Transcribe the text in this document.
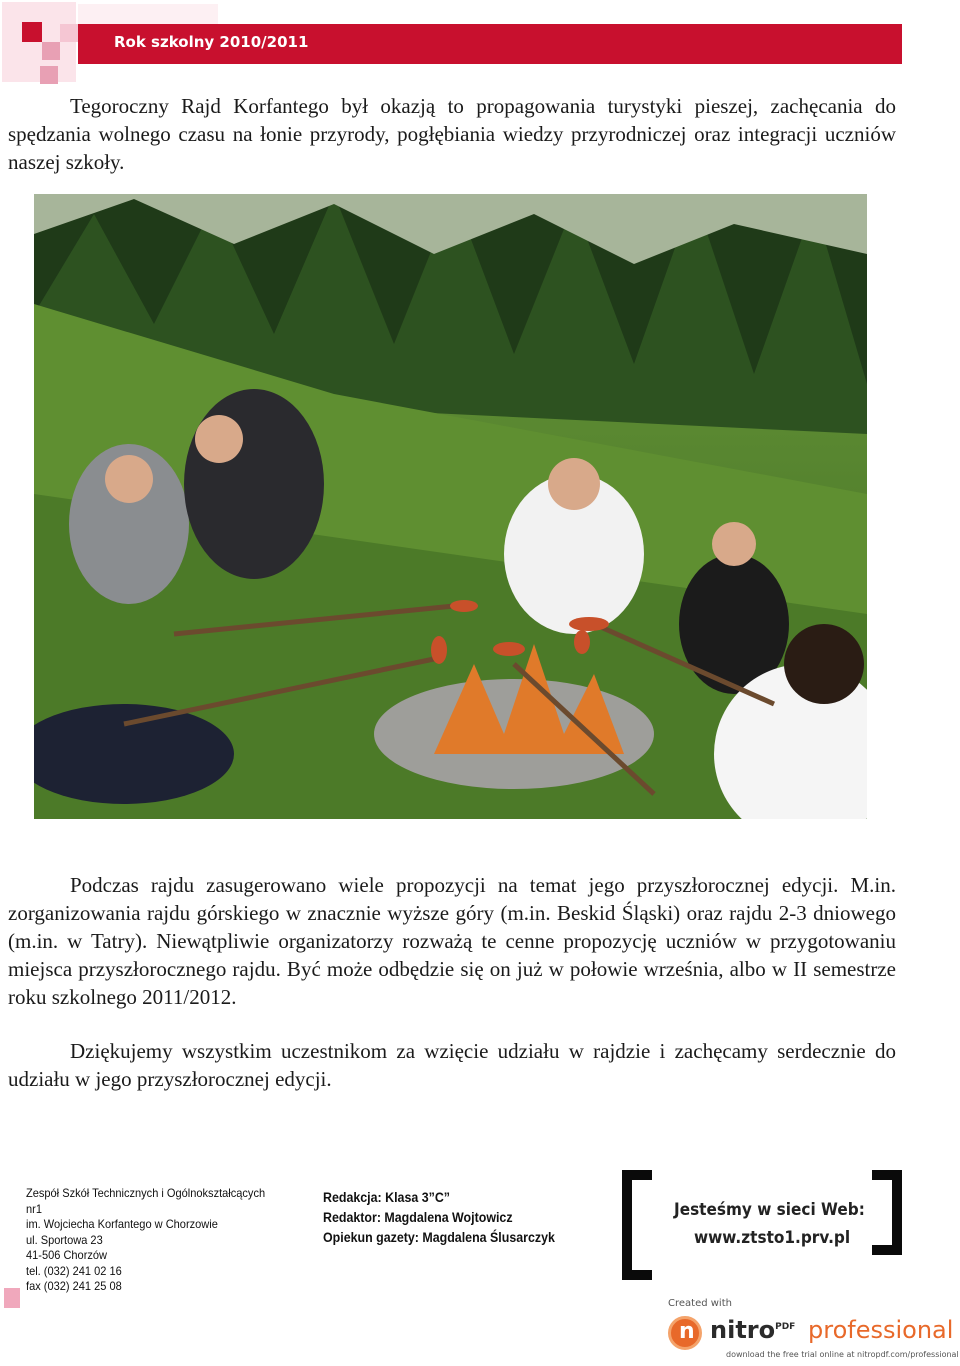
Rok szkolny 2010/2011

Tegoroczny Rajd Korfantego był okazją to propagowania turystyki pieszej, zachęcania do spędzania wolnego czasu na łonie przyrody, pogłębiania wiedzy przyrodniczej oraz integracji uczniów naszej szkoły.

Podczas rajdu zasugerowano wiele propozycji na temat jego przyszłorocznej edycji. M.in. zorganizowania rajdu górskiego w znacznie wyższe góry (m.in. Beskid Śląski) oraz rajdu 2-3 dniowego (m.in. w Tatry). Niewątpliwie organizatorzy rozważą te cenne propozycję uczniów w przygotowaniu miejsca przyszłorocznego rajdu. Być może odbędzie się on już w połowie września, albo w II semestrze roku szkolnego 2011/2012.

Dziękujemy wszystkim uczestnikom za wzięcie udziału w rajdzie i zachęcamy serdecznie do udziału w jego przyszłorocznej edycji.

Zespół Szkół Technicznych i Ogólnokształcących nr1
im. Wojciecha Korfantego w Chorzowie
ul. Sportowa 23
41-506 Chorzów
tel. (032) 241 02 16
fax (032) 241 25 08
Redakcja: Klasa 3”C”
Redaktor: Magdalena Wojtowicz
Opiekun gazety: Magdalena Ślusarczyk
Jesteśmy w sieci Web:
www.ztsto1.prv.pl
Created with
n nitro$^{PDF}$ professional
download the free trial online at nitropdf.com/professional
